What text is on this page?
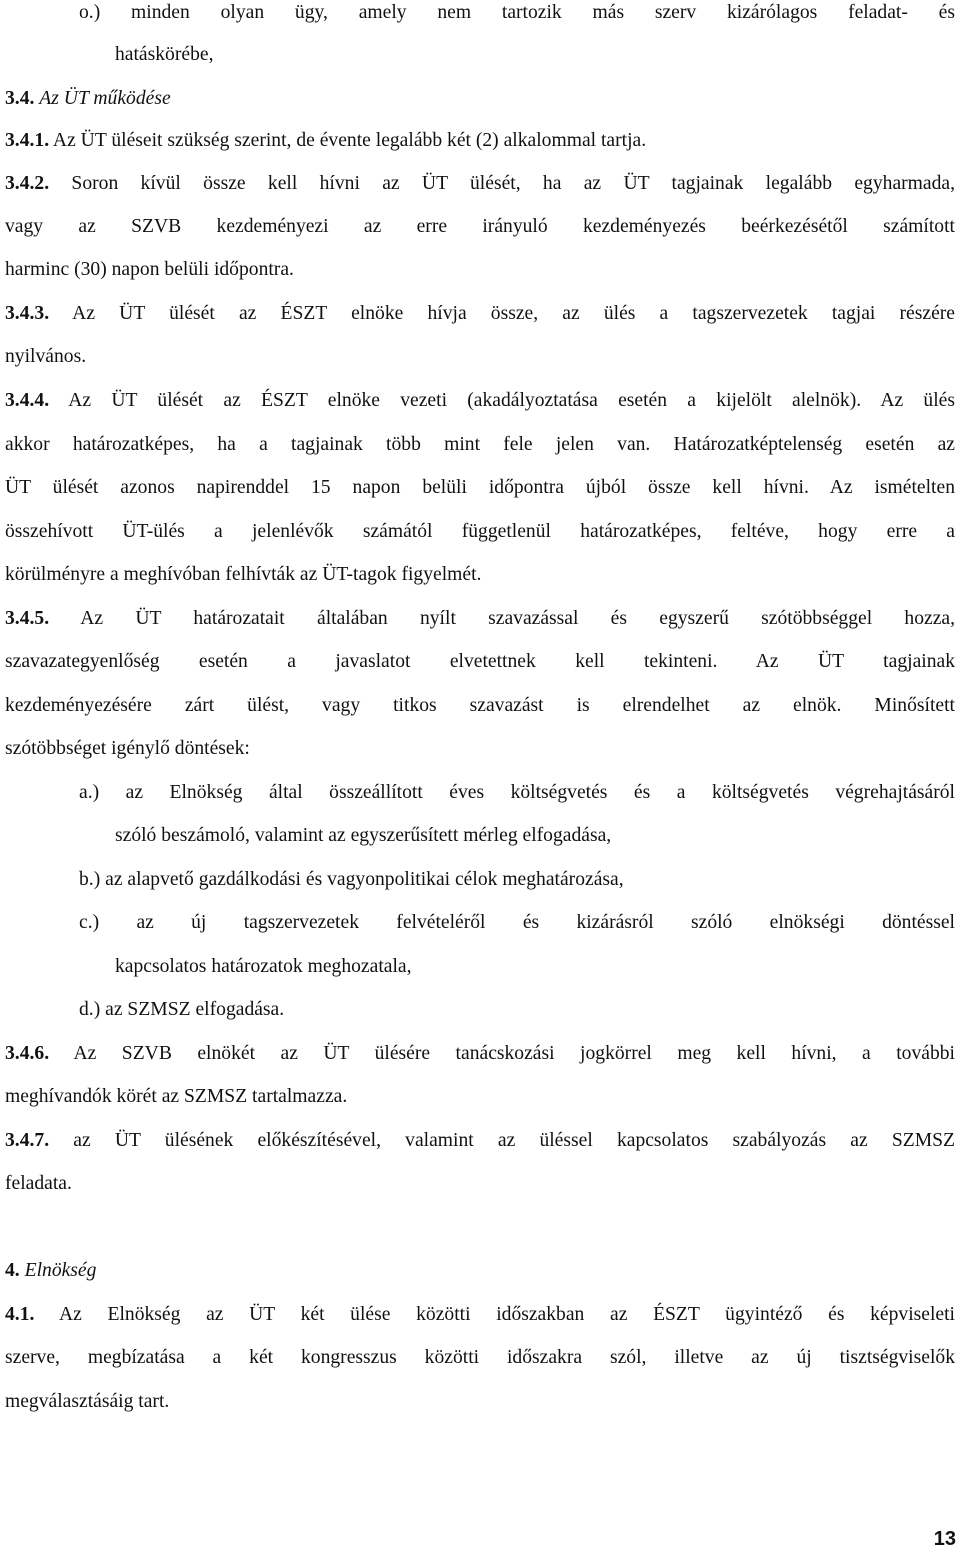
o.) minden olyan ügy, amely nem tartozik más szerv kizárólagos feladat- és
hatáskörébe,
3.4. Az ÜT működése
3.4.1. Az ÜT üléseit szükség szerint, de évente legalább két (2) alkalommal tartja.
3.4.2. Soron kívül össze kell hívni az ÜT ülését, ha az ÜT tagjainak legalább egyharmada,
vagy az SZVB kezdeményezi az erre irányuló kezdeményezés beérkezésétől számított
harminc (30) napon belüli időpontra.
3.4.3. Az ÜT ülését az ÉSZT elnöke hívja össze, az ülés a tagszervezetek tagjai részére
nyilvános.
3.4.4. Az ÜT ülését az ÉSZT elnöke vezeti (akadályoztatása esetén a kijelölt alelnök). Az ülés
akkor határozatképes, ha a tagjainak több mint fele jelen van. Határozatképtelenség esetén az
ÜT ülését azonos napirenddel 15 napon belüli időpontra újból össze kell hívni. Az ismételten
összehívott ÜT-ülés a jelenlévők számától függetlenül határozatképes, feltéve, hogy erre a
körülményre a meghívóban felhívták az ÜT-tagok figyelmét.
3.4.5. Az ÜT határozatait általában nyílt szavazással és egyszerű szótöbbséggel hozza,
szavazategyenlőség esetén a javaslatot elvetettnek kell tekinteni. Az ÜT tagjainak
kezdeményezésére zárt ülést, vagy titkos szavazást is elrendelhet az elnök. Minősített
szótöbbséget igénylő döntések:
a.) az Elnökség által összeállított éves költségvetés és a költségvetés végrehajtásáról
szóló beszámoló, valamint az egyszerűsített mérleg elfogadása,
b.) az alapvető gazdálkodási és vagyonpolitikai célok meghatározása,
c.) az új tagszervezetek felvételéről és kizárásról szóló elnökségi döntéssel
kapcsolatos határozatok meghozatala,
d.) az SZMSZ elfogadása.
3.4.6. Az SZVB elnökét az ÜT ülésére tanácskozási jogkörrel meg kell hívni, a további
meghívandók körét az SZMSZ tartalmazza.
3.4.7. az ÜT ülésének előkészítésével, valamint az üléssel kapcsolatos szabályozás az SZMSZ
feladata.
4. Elnökség
4.1. Az Elnökség az ÜT két ülése közötti időszakban az ÉSZT ügyintéző és képviseleti
szerve, megbízatása a két kongresszus közötti időszakra szól, illetve az új tisztségviselők
megválasztásáig tart.
13
